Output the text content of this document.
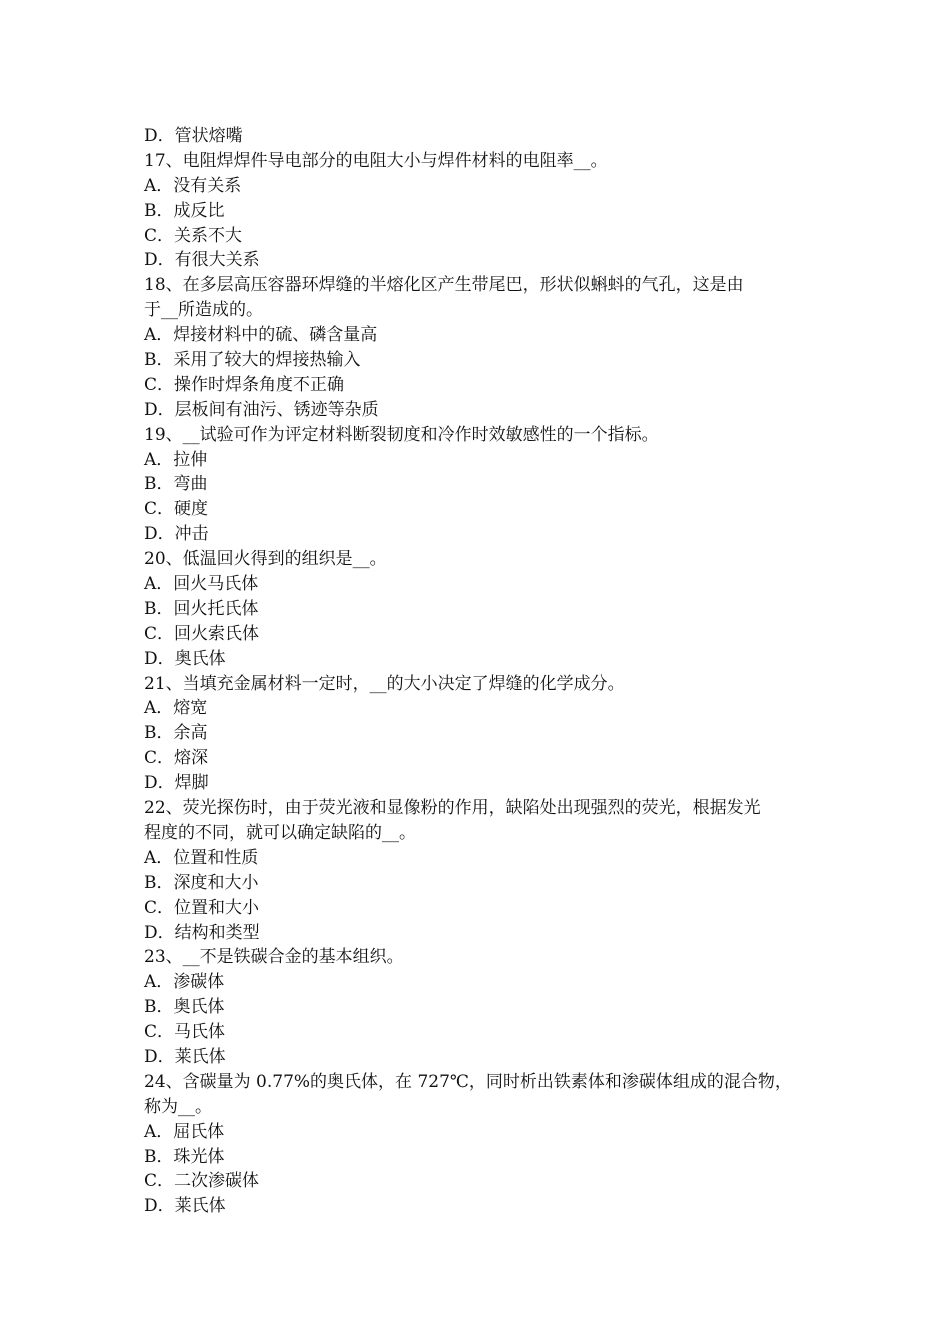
D．管状熔嘴
17、电阻焊焊件导电部分的电阻大小与焊件材料的电阻率__。
A．没有关系
B．成反比
C．关系不大
D．有很大关系
18、在多层高压容器环焊缝的半熔化区产生带尾巴，形状似蝌蚪的气孔，这是由
于__所造成的。
A．焊接材料中的硫、磷含量高
B．采用了较大的焊接热输入
C．操作时焊条角度不正确
D．层板间有油污、锈迹等杂质
19、__试验可作为评定材料断裂韧度和冷作时效敏感性的一个指标。
A．拉伸
B．弯曲
C．硬度
D．冲击
20、低温回火得到的组织是__。
A．回火马氏体
B．回火托氏体
C．回火索氏体
D．奥氏体
21、当填充金属材料一定时，__的大小决定了焊缝的化学成分。
A．熔宽
B．余高
C．熔深
D．焊脚
22、荧光探伤时，由于荧光液和显像粉的作用，缺陷处出现强烈的荧光，根据发光
程度的不同，就可以确定缺陷的__。
A．位置和性质
B．深度和大小
C．位置和大小
D．结构和类型
23、__不是铁碳合金的基本组织。
A．渗碳体
B．奥氏体
C．马氏体
D．莱氏体
24、含碳量为 0.77%的奥氏体，在 727℃，同时析出铁素体和渗碳体组成的混合物，
称为__。
A．屈氏体
B．珠光体
C．二次渗碳体
D．莱氏体
